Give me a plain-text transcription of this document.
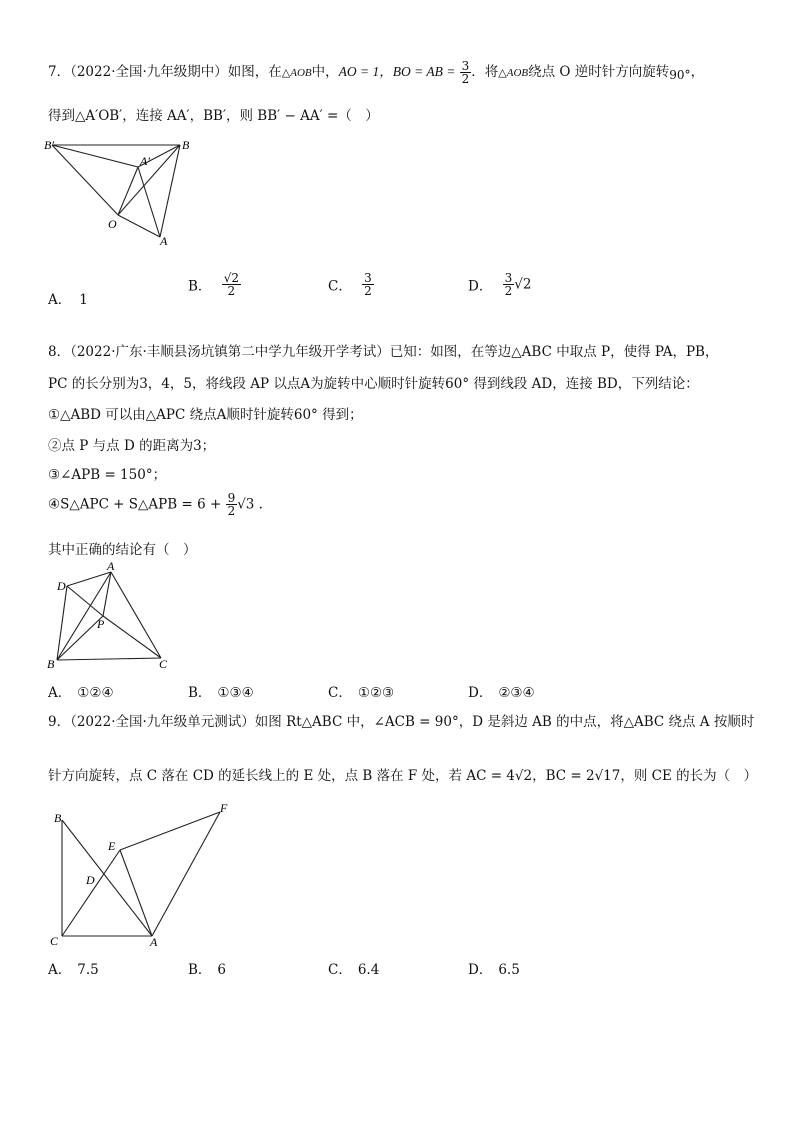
7．（2022·全国·九年级期中）如图，在△AOB中，AO = 1，BO = AB = $\frac{3}{2}$ ．将△AOB绕点 O 逆时针方向旋转90°，
得到△A′OB′，连接 AA′，BB′，则 BB′ − AA′ =（　）
B′	B
A′
O
A
A． 1
B． $\frac{√2}{2}$	C． $\frac{3}{2}$	D． $\frac{3}{2} √2$
8．（2022·广东·丰顺县汤坑镇第二中学九年级开学考试）已知：如图，在等边△ABC 中取点 P，使得 PA，PB，
PC 的长分别为3，4，5，将线段 AP 以点A为旋转中心顺时针旋转60° 得到线段 AD，连接 BD，下列结论：
①△ABD 可以由△APC 绕点A顺时针旋转60° 得到；
②点 P 与点 D 的距离为3；
③∠APB = 150°；
④S△APC + S△APB = $6 + \frac{9}{2} √3$ .
其中正确的结论有（　）
D
A
P
B	C
A． ①②④	B． ①③④	C． ①②③	D． ②③④
9．（2022·全国·九年级单元测试）如图 Rt△ABC 中，∠ACB = 90°，D 是斜边 AB 的中点，将△ABC 绕点 A 按顺时
针方向旋转，点 C 落在 CD 的延长线上的 E 处，点 B 落在 F 处，若 AC = 4√2，BC = 2√17，则 CE 的长为（　）
B
F
E
D
C	A
A． 7.5	B． 6	C． 6.4	D． 6.5
